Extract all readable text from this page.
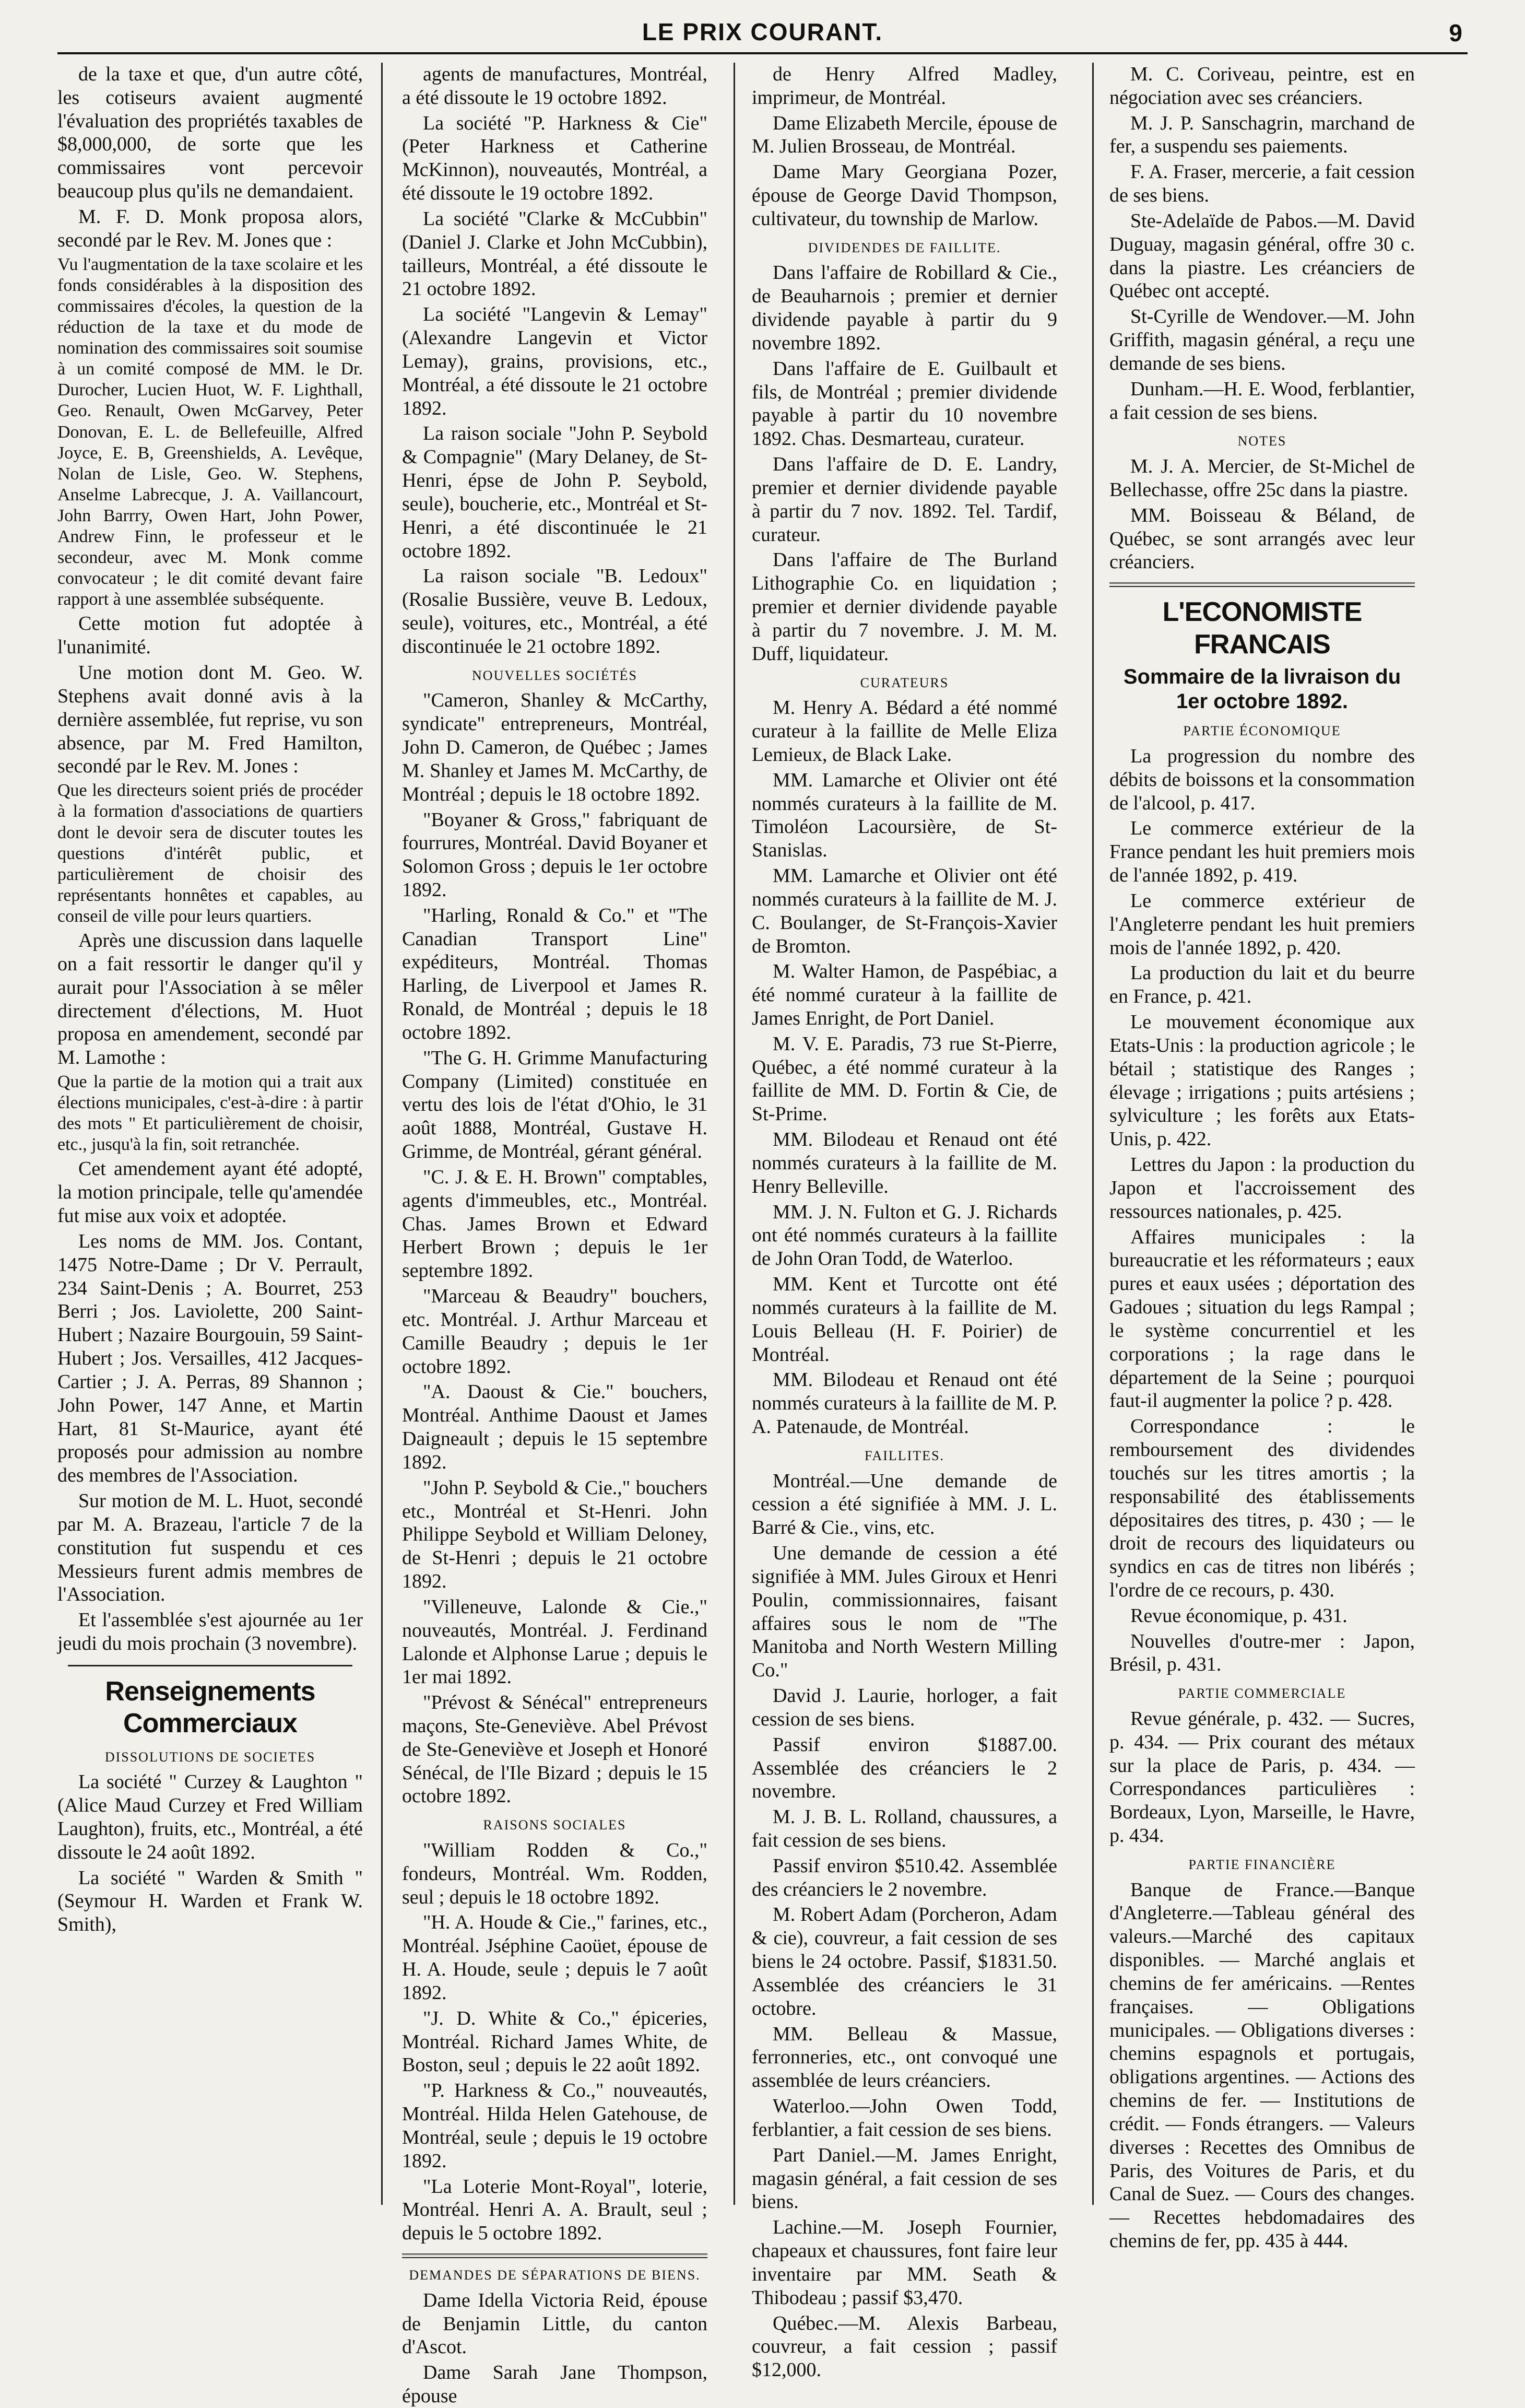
LE PRIX COURANT.	9

de la taxe et que, d'un autre côté, les cotiseurs avaient augmenté l'évaluation des propriétés taxables de $8,000,000, de sorte que les commissaires vont percevoir beaucoup plus qu'ils ne demandaient.

M. F. D. Monk proposa alors, secondé par le Rev. M. Jones que :

Vu l'augmentation de la taxe scolaire et les fonds considérables à la disposition des commissaires d'écoles, la question de la réduction de la taxe et du mode de nomination des commissaires soit soumise à un comité composé de MM. le Dr. Durocher, Lucien Huot, W. F. Lighthall, Geo. Renault, Owen McGarvey, Peter Donovan, E. L. de Bellefeuille, Alfred Joyce, E. B, Greenshields, A. Levêque, Nolan de Lisle, Geo. W. Stephens, Anselme Labrecque, J. A. Vaillancourt, John Barrry, Owen Hart, John Power, Andrew Finn, le professeur et le secondeur, avec M. Monk comme convocateur ; le dit comité devant faire rapport à une assemblée subséquente.

Cette motion fut adoptée à l'unanimité.

Une motion dont M. Geo. W. Stephens avait donné avis à la dernière assemblée, fut reprise, vu son absence, par M. Fred Hamilton, secondé par le Rev. M. Jones :

Que les directeurs soient priés de procéder à la formation d'associations de quartiers dont le devoir sera de discuter toutes les questions d'intérêt public, et particulièrement de choisir des représentants honnêtes et capables, au conseil de ville pour leurs quartiers.

Après une discussion dans laquelle on a fait ressortir le danger qu'il y aurait pour l'Association à se mêler directement d'élections, M. Huot proposa en amendement, secondé par M. Lamothe :

Que la partie de la motion qui a trait aux élections municipales, c'est-à-dire : à partir des mots " Et particulièrement de choisir, etc., jusqu'à la fin, soit retranchée.

Cet amendement ayant été adopté, la motion principale, telle qu'amendée fut mise aux voix et adoptée.

Les noms de MM. Jos. Contant, 1475 Notre-Dame ; Dr V. Perrault, 234 Saint-Denis ; A. Bourret, 253 Berri ; Jos. Laviolette, 200 Saint-Hubert ; Nazaire Bourgouin, 59 Saint-Hubert ; Jos. Versailles, 412 Jacques-Cartier ; J. A. Perras, 89 Shannon ; John Power, 147 Anne, et Martin Hart, 81 St-Maurice, ayant été proposés pour admission au nombre des membres de l'Association.

Sur motion de M. L. Huot, secondé par M. A. Brazeau, l'article 7 de la constitution fut suspendu et ces Messieurs furent admis membres de l'Association.

Et l'assemblée s'est ajournée au 1er jeudi du mois prochain (3 novembre).

Renseignements Commerciaux
DISSOLUTIONS DE SOCIETES

La société " Curzey & Laughton " (Alice Maud Curzey et Fred William Laughton), fruits, etc., Montréal, a été dissoute le 24 août 1892.

La société " Warden & Smith " (Seymour H. Warden et Frank W. Smith),

agents de manufactures, Montréal, a été dissoute le 19 octobre 1892.

La société "P. Harkness & Cie" (Peter Harkness et Catherine McKinnon), nouveautés, Montréal, a été dissoute le 19 octobre 1892.

La société "Clarke & McCubbin" (Daniel J. Clarke et John McCubbin), tailleurs, Montréal, a été dissoute le 21 octobre 1892.

La société "Langevin & Lemay" (Alexandre Langevin et Victor Lemay), grains, provisions, etc., Montréal, a été dissoute le 21 octobre 1892.

La raison sociale "John P. Seybold & Compagnie" (Mary Delaney, de St-Henri, épse de John P. Seybold, seule), boucherie, etc., Montréal et St-Henri, a été discontinuée le 21 octobre 1892.

La raison sociale "B. Ledoux" (Rosalie Bussière, veuve B. Ledoux, seule), voitures, etc., Montréal, a été discontinuée le 21 octobre 1892.

NOUVELLES SOCIÉTÉS

"Cameron, Shanley & McCarthy, syndicate" entrepreneurs, Montréal, John D. Cameron, de Québec ; James M. Shanley et James M. McCarthy, de Montréal ; depuis le 18 octobre 1892.

"Boyaner & Gross," fabriquant de fourrures, Montréal. David Boyaner et Solomon Gross ; depuis le 1er octobre 1892.

"Harling, Ronald & Co." et "The Canadian Transport Line" expéditeurs, Montréal. Thomas Harling, de Liverpool et James R. Ronald, de Montréal ; depuis le 18 octobre 1892.

"The G. H. Grimme Manufacturing Company (Limited) constituée en vertu des lois de l'état d'Ohio, le 31 août 1888, Montréal, Gustave H. Grimme, de Montréal, gérant général.

"C. J. & E. H. Brown" comptables, agents d'immeubles, etc., Montréal. Chas. James Brown et Edward Herbert Brown ; depuis le 1er septembre 1892.

"Marceau & Beaudry" bouchers, etc. Montréal. J. Arthur Marceau et Camille Beaudry ; depuis le 1er octobre 1892.

"A. Daoust & Cie." bouchers, Montréal. Anthime Daoust et James Daigneault ; depuis le 15 septembre 1892.

"John P. Seybold & Cie.," bouchers etc., Montréal et St-Henri. John Philippe Seybold et William Deloney, de St-Henri ; depuis le 21 octobre 1892.

"Villeneuve, Lalonde & Cie.," nouveautés, Montréal. J. Ferdinand Lalonde et Alphonse Larue ; depuis le 1er mai 1892.

"Prévost & Sénécal" entrepreneurs maçons, Ste-Geneviève. Abel Prévost de Ste-Geneviève et Joseph et Honoré Sénécal, de l'Ile Bizard ; depuis le 15 octobre 1892.

RAISONS SOCIALES

"William Rodden & Co.," fondeurs, Montréal. Wm. Rodden, seul ; depuis le 18 octobre 1892.

"H. A. Houde & Cie.," farines, etc., Montréal. Jséphine Caoüet, épouse de H. A. Houde, seule ; depuis le 7 août 1892.

"J. D. White & Co.," épiceries, Montréal. Richard James White, de Boston, seul ; depuis le 22 août 1892.

"P. Harkness & Co.," nouveautés, Montréal. Hilda Helen Gatehouse, de Montréal, seule ; depuis le 19 octobre 1892.

"La Loterie Mont-Royal", loterie, Montréal. Henri A. A. Brault, seul ; depuis le 5 octobre 1892.

DEMANDES DE SÉPARATIONS DE BIENS.

Dame Idella Victoria Reid, épouse de Benjamin Little, du canton d'Ascot.

Dame Sarah Jane Thompson, épouse

de Henry Alfred Madley, imprimeur, de Montréal.

Dame Elizabeth Mercile, épouse de M. Julien Brosseau, de Montréal.

Dame Mary Georgiana Pozer, épouse de George David Thompson, cultivateur, du township de Marlow.

DIVIDENDES DE FAILLITE.

Dans l'affaire de Robillard & Cie., de Beauharnois ; premier et dernier dividende payable à partir du 9 novembre 1892.

Dans l'affaire de E. Guilbault et fils, de Montréal ; premier dividende payable à partir du 10 novembre 1892. Chas. Desmarteau, curateur.

Dans l'affaire de D. E. Landry, premier et dernier dividende payable à partir du 7 nov. 1892. Tel. Tardif, curateur.

Dans l'affaire de The Burland Lithographie Co. en liquidation ; premier et dernier dividende payable à partir du 7 novembre. J. M. M. Duff, liquidateur.

CURATEURS

M. Henry A. Bédard a été nommé curateur à la faillite de Melle Eliza Lemieux, de Black Lake.

MM. Lamarche et Olivier ont été nommés curateurs à la faillite de M. Timoléon Lacoursière, de St-Stanislas.

MM. Lamarche et Olivier ont été nommés curateurs à la faillite de M. J. C. Boulanger, de St-François-Xavier de Bromton.

M. Walter Hamon, de Paspébiac, a été nommé curateur à la faillite de James Enright, de Port Daniel.

M. V. E. Paradis, 73 rue St-Pierre, Québec, a été nommé curateur à la faillite de MM. D. Fortin & Cie, de St-Prime.

MM. Bilodeau et Renaud ont été nommés curateurs à la faillite de M. Henry Belleville.

MM. J. N. Fulton et G. J. Richards ont été nommés curateurs à la faillite de John Oran Todd, de Waterloo.

MM. Kent et Turcotte ont été nommés curateurs à la faillite de M. Louis Belleau (H. F. Poirier) de Montréal.

MM. Bilodeau et Renaud ont été nommés curateurs à la faillite de M. P. A. Patenaude, de Montréal.

FAILLITES.

Montréal.—Une demande de cession a été signifiée à MM. J. L. Barré & Cie., vins, etc.

Une demande de cession a été signifiée à MM. Jules Giroux et Henri Poulin, commissionnaires, faisant affaires sous le nom de "The Manitoba and North Western Milling Co."

David J. Laurie, horloger, a fait cession de ses biens.

Passif environ $1887.00. Assemblée des créanciers le 2 novembre.

M. J. B. L. Rolland, chaussures, a fait cession de ses biens.

Passif environ $510.42. Assemblée des créanciers le 2 novembre.

M. Robert Adam (Porcheron, Adam & cie), couvreur, a fait cession de ses biens le 24 octobre. Passif, $1831.50. Assemblée des créanciers le 31 octobre.

MM. Belleau & Massue, ferronneries, etc., ont convoqué une assemblée de leurs créanciers.

Waterloo.—John Owen Todd, ferblantier, a fait cession de ses biens.

Part Daniel.—M. James Enright, magasin général, a fait cession de ses biens.

Lachine.—M. Joseph Fournier, chapeaux et chaussures, font faire leur inventaire par MM. Seath & Thibodeau ; passif $3,470.

Québec.—M. Alexis Barbeau, couvreur, a fait cession ; passif $12,000.

M. C. Coriveau, peintre, est en négociation avec ses créanciers.

M. J. P. Sanschagrin, marchand de fer, a suspendu ses paiements.

F. A. Fraser, mercerie, a fait cession de ses biens.

Ste-Adelaïde de Pabos.—M. David Duguay, magasin général, offre 30 c. dans la piastre. Les créanciers de Québec ont accepté.

St-Cyrille de Wendover.—M. John Griffith, magasin général, a reçu une demande de ses biens.

Dunham.—H. E. Wood, ferblantier, a fait cession de ses biens.

NOTES

M. J. A. Mercier, de St-Michel de Bellechasse, offre 25c dans la piastre.

MM. Boisseau & Béland, de Québec, se sont arrangés avec leur créanciers.

L'ECONOMISTE FRANCAIS
Sommaire de la livraison du 1er octobre 1892.
PARTIE ÉCONOMIQUE

La progression du nombre des débits de boissons et la consommation de l'alcool, p. 417.

Le commerce extérieur de la France pendant les huit premiers mois de l'année 1892, p. 419.

Le commerce extérieur de l'Angleterre pendant les huit premiers mois de l'année 1892, p. 420.

La production du lait et du beurre en France, p. 421.

Le mouvement économique aux Etats-Unis : la production agricole ; le bétail ; statistique des Ranges ; élevage ; irrigations ; puits artésiens ; sylviculture ; les forêts aux Etats-Unis, p. 422.

Lettres du Japon : la production du Japon et l'accroissement des ressources nationales, p. 425.

Affaires municipales : la bureaucratie et les réformateurs ; eaux pures et eaux usées ; déportation des Gadoues ; situation du legs Rampal ; le système concurrentiel et les corporations ; la rage dans le département de la Seine ; pourquoi faut-il augmenter la police ? p. 428.

Correspondance : le remboursement des dividendes touchés sur les titres amortis ; la responsabilité des établissements dépositaires des titres, p. 430 ; — le droit de recours des liquidateurs ou syndics en cas de titres non libérés ; l'ordre de ce recours, p. 430.

Revue économique, p. 431.

Nouvelles d'outre-mer : Japon, Brésil, p. 431.

PARTIE COMMERCIALE

Revue générale, p. 432. — Sucres, p. 434. — Prix courant des métaux sur la place de Paris, p. 434. — Correspondances particulières : Bordeaux, Lyon, Marseille, le Havre, p. 434.

PARTIE FINANCIÈRE

Banque de France.—Banque d'Angleterre.—Tableau général des valeurs.—Marché des capitaux disponibles. — Marché anglais et chemins de fer américains. —Rentes françaises. — Obligations municipales. — Obligations diverses : chemins espagnols et portugais, obligations argentines. — Actions des chemins de fer. — Institutions de crédit. — Fonds étrangers. — Valeurs diverses : Recettes des Omnibus de Paris, des Voitures de Paris, et du Canal de Suez. — Cours des changes. — Recettes hebdomadaires des chemins de fer, pp. 435 à 444.
